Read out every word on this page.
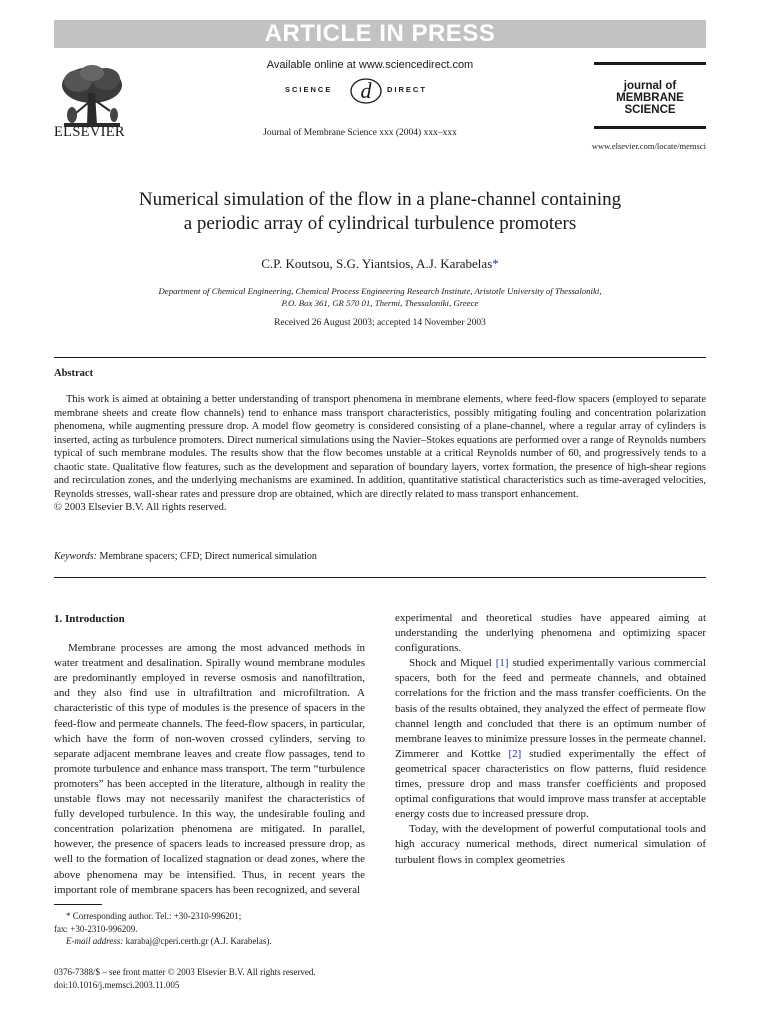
ARTICLE IN PRESS
ELSEVIER
Available online at www.sciencedirect.com
SCIENCE d DIRECT
Journal of Membrane Science xxx (2004) xxx–xxx
journal of
MEMBRANE
SCIENCE
www.elsevier.com/locate/memsci
Numerical simulation of the flow in a plane-channel containing
a periodic array of cylindrical turbulence promoters
C.P. Koutsou, S.G. Yiantsios, A.J. Karabelas*
Department of Chemical Engineering, Chemical Process Engineering Research Institute, Aristotle University of Thessaloniki,
P.O. Box 361, GR 570 01, Thermi, Thessaloniki, Greece
Received 26 August 2003; accepted 14 November 2003
Abstract

This work is aimed at obtaining a better understanding of transport phenomena in membrane elements, where feed-flow spacers (employed to separate membrane sheets and create flow channels) tend to enhance mass transport characteristics, possibly mitigating fouling and concentration polarization phenomena, while augmenting pressure drop. A model flow geometry is considered consisting of a plane-channel, where a regular array of cylinders is inserted, acting as turbulence promoters. Direct numerical simulations using the Navier–Stokes equations are performed over a range of Reynolds numbers typical of such membrane modules. The results show that the flow becomes unstable at a critical Reynolds number of 60, and progressively tends to a chaotic state. Qualitative flow features, such as the development and separation of boundary layers, vortex formation, the presence of high-shear regions and recirculation zones, and the underlying mechanisms are examined. In addition, quantitative statistical characteristics such as time-averaged velocities, Reynolds stresses, wall-shear rates and pressure drop are obtained, which are directly related to mass transport enhancement.

© 2003 Elsevier B.V. All rights reserved.

Keywords: Membrane spacers; CFD; Direct numerical simulation

1. Introduction

Membrane processes are among the most advanced methods in water treatment and desalination. Spirally wound membrane modules are predominantly employed in reverse osmosis and nanofiltration, and they also find use in ultrafiltration and microfiltration. A characteristic of this type of modules is the presence of spacers in the feed-flow and permeate channels. The feed-flow spacers, in particular, which have the form of non-woven crossed cylinders, serving to separate adjacent membrane leaves and create flow passages, tend to promote turbulence and enhance mass transport. The term “turbulence promoters” has been accepted in the literature, although in reality the unstable flows may not necessarily manifest the characteristics of fully developed turbulence. In this way, the undesirable fouling and concentration polarization phenomena are mitigated. In parallel, however, the presence of spacers leads to increased pressure drop, as well to the formation of localized stagnation or dead zones, where the above phenomena may be intensified. Thus, in recent years the important role of membrane spacers has been recognized, and several

experimental and theoretical studies have appeared aiming at understanding the underlying phenomena and optimizing spacer configurations.

Shock and Miquel [1] studied experimentally various commercial spacers, both for the feed and permeate channels, and obtained correlations for the friction and the mass transfer coefficients. On the basis of the results obtained, they analyzed the effect of permeate flow channel length and concluded that there is an optimum number of membrane leaves to minimize pressure losses in the permeate channel. Zimmerer and Kottke [2] studied experimentally the effect of geometrical spacer characteristics on flow patterns, fluid residence times, pressure drop and mass transfer coefficients and proposed optimal configurations that would improve mass transfer at acceptable energy costs due to increased pressure drop.

Today, with the development of powerful computational tools and high accuracy numerical methods, direct numerical simulation of turbulent flows in complex geometries

* Corresponding author. Tel.: +30-2310-996201;

fax: +30-2310-996209.

E-mail address: karabaj@cperi.certh.gr (A.J. Karabelas).

0376-7388/$ – see front matter © 2003 Elsevier B.V. All rights reserved.

doi:10.1016/j.memsci.2003.11.005
